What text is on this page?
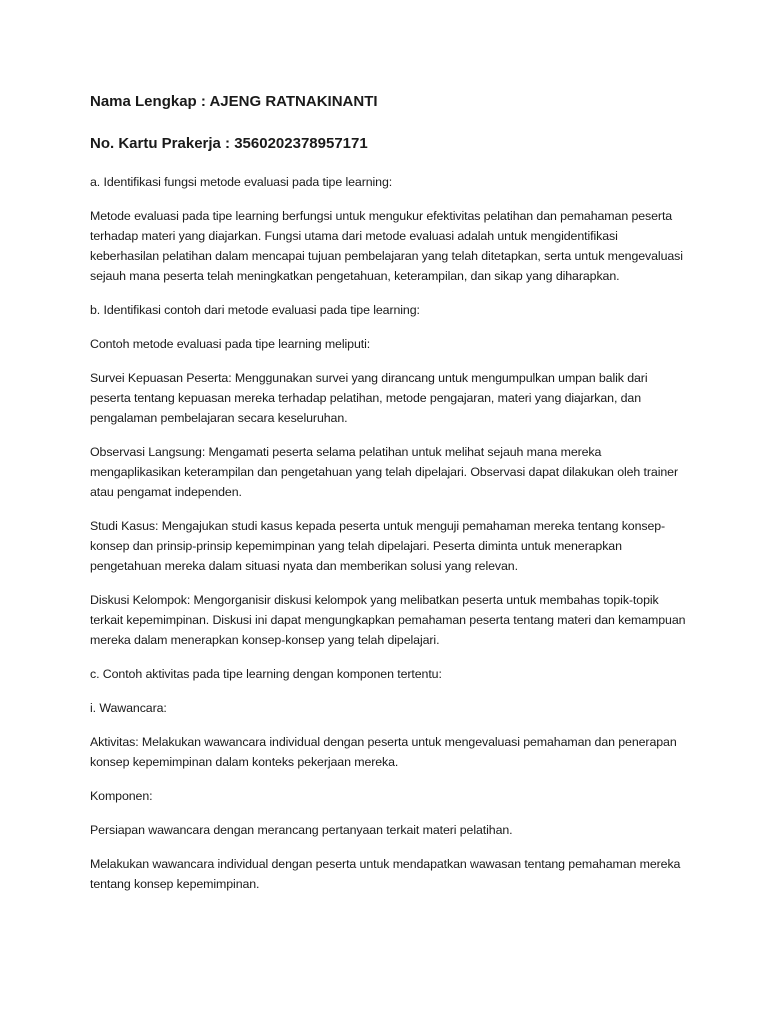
Nama Lengkap : AJENG RATNAKINANTI

No. Kartu Prakerja : 3560202378957171

a. Identifikasi fungsi metode evaluasi pada tipe learning:

Metode evaluasi pada tipe learning berfungsi untuk mengukur efektivitas pelatihan dan pemahaman peserta terhadap materi yang diajarkan. Fungsi utama dari metode evaluasi adalah untuk mengidentifikasi keberhasilan pelatihan dalam mencapai tujuan pembelajaran yang telah ditetapkan, serta untuk mengevaluasi sejauh mana peserta telah meningkatkan pengetahuan, keterampilan, dan sikap yang diharapkan.

b. Identifikasi contoh dari metode evaluasi pada tipe learning:

Contoh metode evaluasi pada tipe learning meliputi:

Survei Kepuasan Peserta: Menggunakan survei yang dirancang untuk mengumpulkan umpan balik dari peserta tentang kepuasan mereka terhadap pelatihan, metode pengajaran, materi yang diajarkan, dan pengalaman pembelajaran secara keseluruhan.

Observasi Langsung: Mengamati peserta selama pelatihan untuk melihat sejauh mana mereka mengaplikasikan keterampilan dan pengetahuan yang telah dipelajari. Observasi dapat dilakukan oleh trainer atau pengamat independen.

Studi Kasus: Mengajukan studi kasus kepada peserta untuk menguji pemahaman mereka tentang konsep-konsep dan prinsip-prinsip kepemimpinan yang telah dipelajari. Peserta diminta untuk menerapkan pengetahuan mereka dalam situasi nyata dan memberikan solusi yang relevan.

Diskusi Kelompok: Mengorganisir diskusi kelompok yang melibatkan peserta untuk membahas topik-topik terkait kepemimpinan. Diskusi ini dapat mengungkapkan pemahaman peserta tentang materi dan kemampuan mereka dalam menerapkan konsep-konsep yang telah dipelajari.

c. Contoh aktivitas pada tipe learning dengan komponen tertentu:

i. Wawancara:

Aktivitas: Melakukan wawancara individual dengan peserta untuk mengevaluasi pemahaman dan penerapan konsep kepemimpinan dalam konteks pekerjaan mereka.

Komponen:

Persiapan wawancara dengan merancang pertanyaan terkait materi pelatihan.

Melakukan wawancara individual dengan peserta untuk mendapatkan wawasan tentang pemahaman mereka tentang konsep kepemimpinan.
